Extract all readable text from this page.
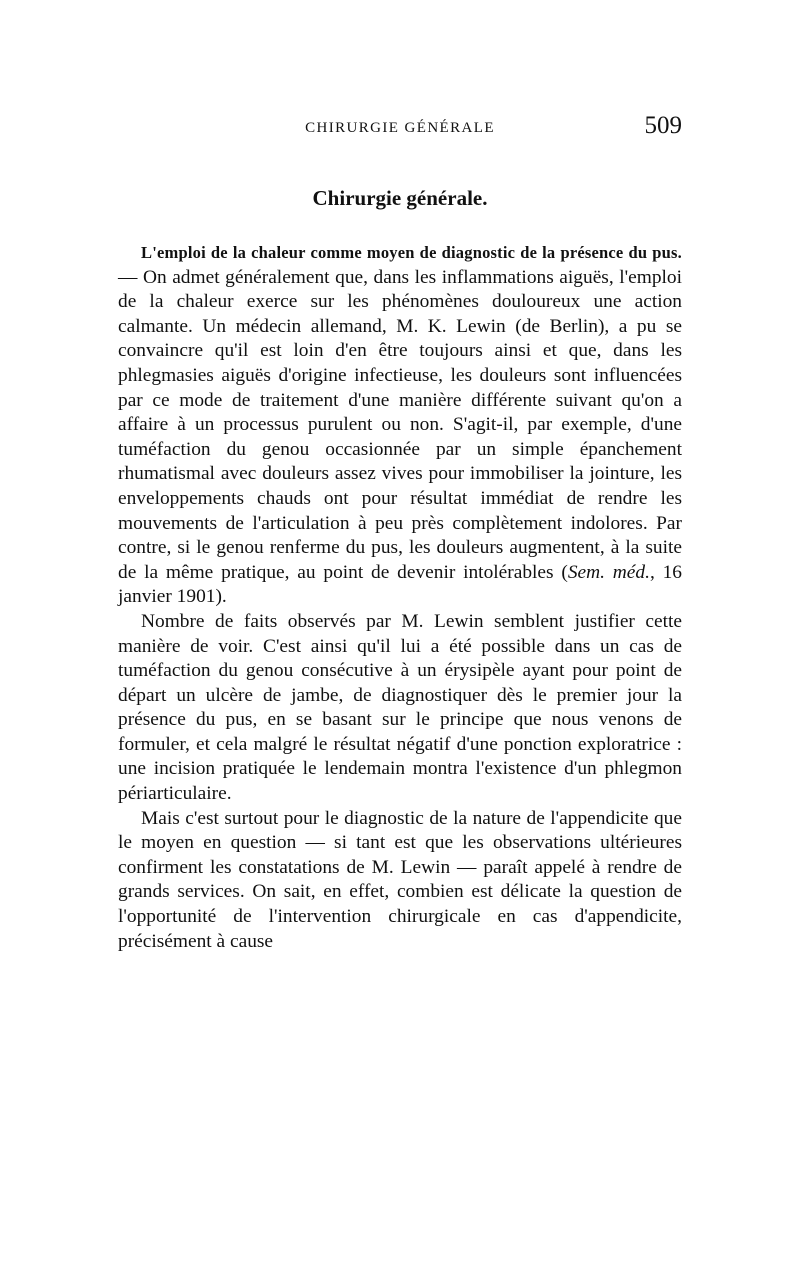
CHIRURGIE GÉNÉRALE	509
Chirurgie générale.

L'emploi de la chaleur comme moyen de diagnostic de la présence du pus. — On admet généralement que, dans les inflammations aiguës, l'emploi de la chaleur exerce sur les phénomènes douloureux une action calmante. Un médecin allemand, M. K. Lewin (de Berlin), a pu se convaincre qu'il est loin d'en être toujours ainsi et que, dans les phlegmasies aiguës d'origine infectieuse, les douleurs sont influencées par ce mode de traitement d'une manière différente suivant qu'on a affaire à un processus purulent ou non. S'agit-il, par exemple, d'une tuméfaction du genou occasionnée par un simple épanchement rhumatismal avec douleurs assez vives pour immobiliser la jointure, les enveloppements chauds ont pour résultat immédiat de rendre les mouvements de l'articulation à peu près complètement indolores. Par contre, si le genou renferme du pus, les douleurs augmentent, à la suite de la même pratique, au point de devenir intolérables (Sem. méd., 16 janvier 1901).

Nombre de faits observés par M. Lewin semblent justifier cette manière de voir. C'est ainsi qu'il lui a été possible dans un cas de tuméfaction du genou consécutive à un érysipèle ayant pour point de départ un ulcère de jambe, de diagnostiquer dès le premier jour la présence du pus, en se basant sur le principe que nous venons de formuler, et cela malgré le résultat négatif d'une ponction exploratrice : une incision pratiquée le lendemain montra l'existence d'un phlegmon périarticulaire.

Mais c'est surtout pour le diagnostic de la nature de l'appendicite que le moyen en question — si tant est que les observations ultérieures confirment les constatations de M. Lewin — paraît appelé à rendre de grands services. On sait, en effet, combien est délicate la question de l'opportunité de l'intervention chirurgicale en cas d'appendicite, précisément à cause
